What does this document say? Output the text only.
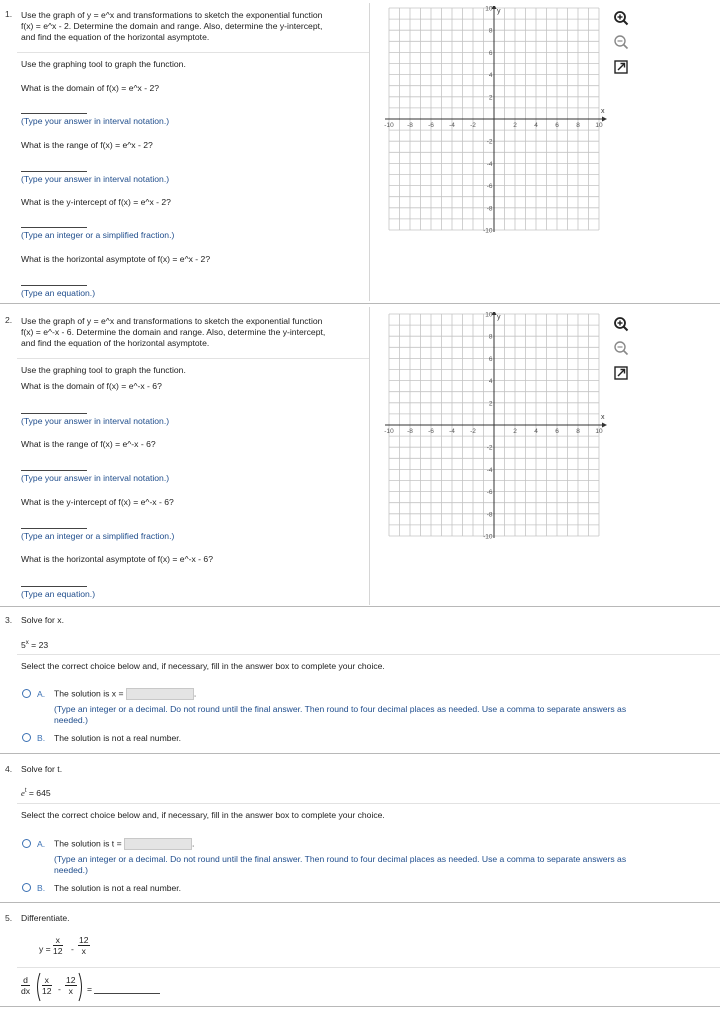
1. Use the graph of y = e^x and transformations to sketch the exponential function
f(x) = e^x - 2. Determine the domain and range. Also, determine the y-intercept,
and find the equation of the horizontal asymptote.
Use the graphing tool to graph the function.
What is the domain of f(x) = e^x - 2?
(Type your answer in interval notation.)
What is the range of f(x) = e^x - 2?
(Type your answer in interval notation.)
What is the y-intercept of f(x) = e^x - 2?
(Type an integer or a simplified fraction.)
What is the horizontal asymptote of f(x) = e^x - 2?
(Type an equation.)
x
y
-10 -8 -6 -4 -2	2	4	6	8 10
10
8
6
4
2
-2
-4
-6
-8
-10
2. Use the graph of y = e^x and transformations to sketch the exponential function
f(x) = e^-x - 6. Determine the domain and range. Also, determine the y-intercept,
and find the equation of the horizontal asymptote.
Use the graphing tool to graph the function.
What is the domain of f(x) = e^-x - 6?
(Type your answer in interval notation.)
What is the range of f(x) = e^-x - 6?
(Type your answer in interval notation.)
What is the y-intercept of f(x) = e^-x - 6?
(Type an integer or a simplified fraction.)
What is the horizontal asymptote of f(x) = e^-x - 6?
(Type an equation.)
x
y
-10 -8 -6 -4 -2	2	4	6	8 10
10
8
6
4
2
-2
-4
-6
-8
-10
3. Solve for x.
$5^x = 23$
Select the correct choice below and, if necessary, fill in the answer box to complete your choice.
A. The solution is x =	.
(Type an integer or a decimal. Do not round until the final answer. Then round to four decimal places as needed. Use a comma to separate answers as
needed.)
B. The solution is not a real number.
4. Solve for t.
$e^t = 645$
Select the correct choice below and, if necessary, fill in the answer box to complete your choice.
A. The solution is t =	.
(Type an integer or a decimal. Do not round until the final answer. Then round to four decimal places as needed. Use a comma to separate answers as
needed.)
B. The solution is not a real number.
5. Differentiate.
$y = \frac{x}{12} - \frac{12}{x}$
$\frac{d}{dx} \frac{x}{12} - \frac{12}{x}$ =
